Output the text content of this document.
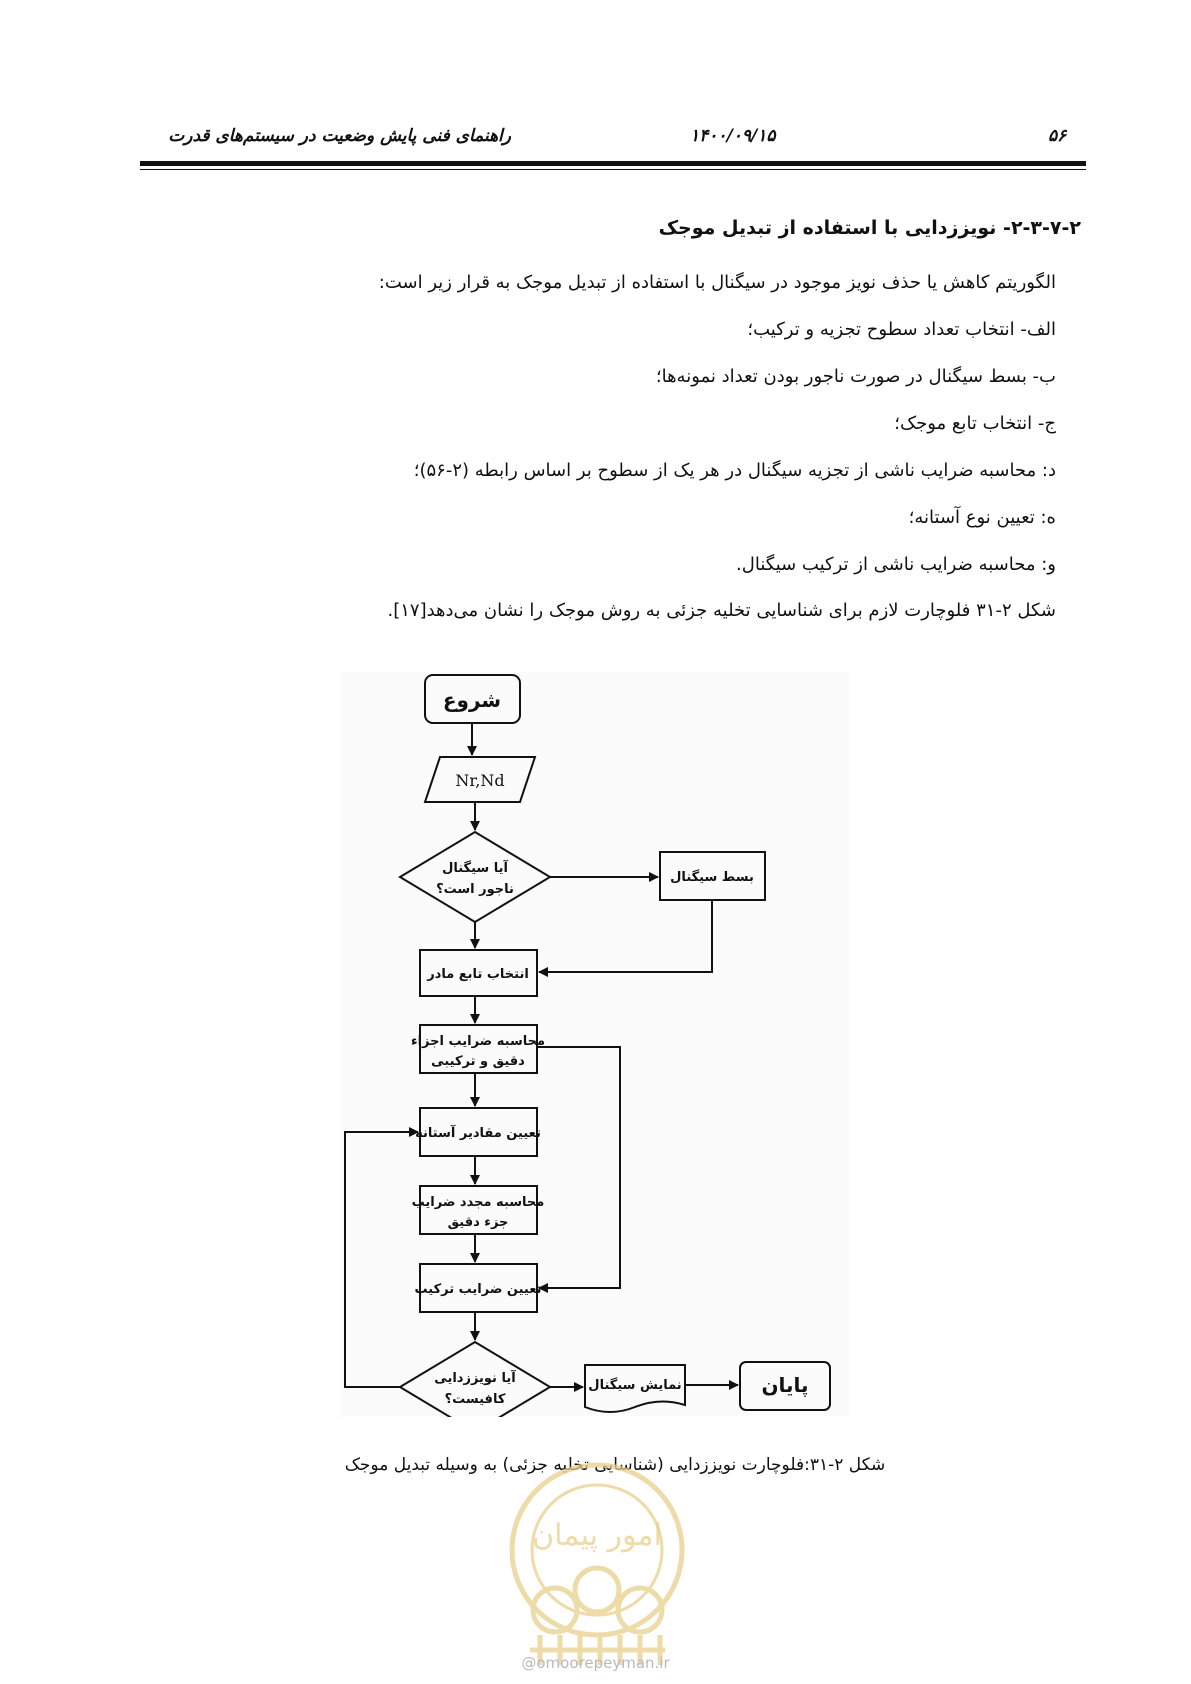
راهنمای فنی پایش وضعیت در سیستم‌های قدرت	۱۴۰۰/۰۹/۱۵	۵۶
۲-۳-۷-۲- نویززدایی با استفاده از تبدیل موجک
الگوریتم کاهش یا حذف نویز موجود در سیگنال با استفاده از تبدیل موجک به قرار زیر است:
الف- انتخاب تعداد سطوح تجزیه و ترکیب؛
ب- بسط سیگنال در صورت ناجور بودن تعداد نمونه‌ها؛
ج- انتخاب تابع موجک؛
د: محاسبه ضرایب ناشی از تجزیه سیگنال در هر یک از سطوح بر اساس رابطه (۲-۵۶)؛
ه: تعیین نوع آستانه؛
و: محاسبه ضرایب ناشی از ترکیب سیگنال.
شکل ۲-۳۱ فلوچارت لازم برای شناسایی تخلیه جزئی به روش موجک را نشان می‌دهد[۱۷].
شروع
Nr,Nd
آیا سیگنال
ناجور است؟
بسط سیگنال
انتخاب تابع مادر
محاسبه ضرایب اجزاء
دقیق و ترکیبی
تعیین مقادیر آستانه
محاسبه مجدد ضرایب
جزء دقیق
تعیین ضرایب ترکیب
آیا نویززدایی
کافیست؟
نمایش سیگنال	پایان
شکل ۲-۳۱:فلوچارت نویززدایی (شناسایی تخلیه جزئی) به وسیله تبدیل موجک
امور پیمان
@omoorepeyman.ir
